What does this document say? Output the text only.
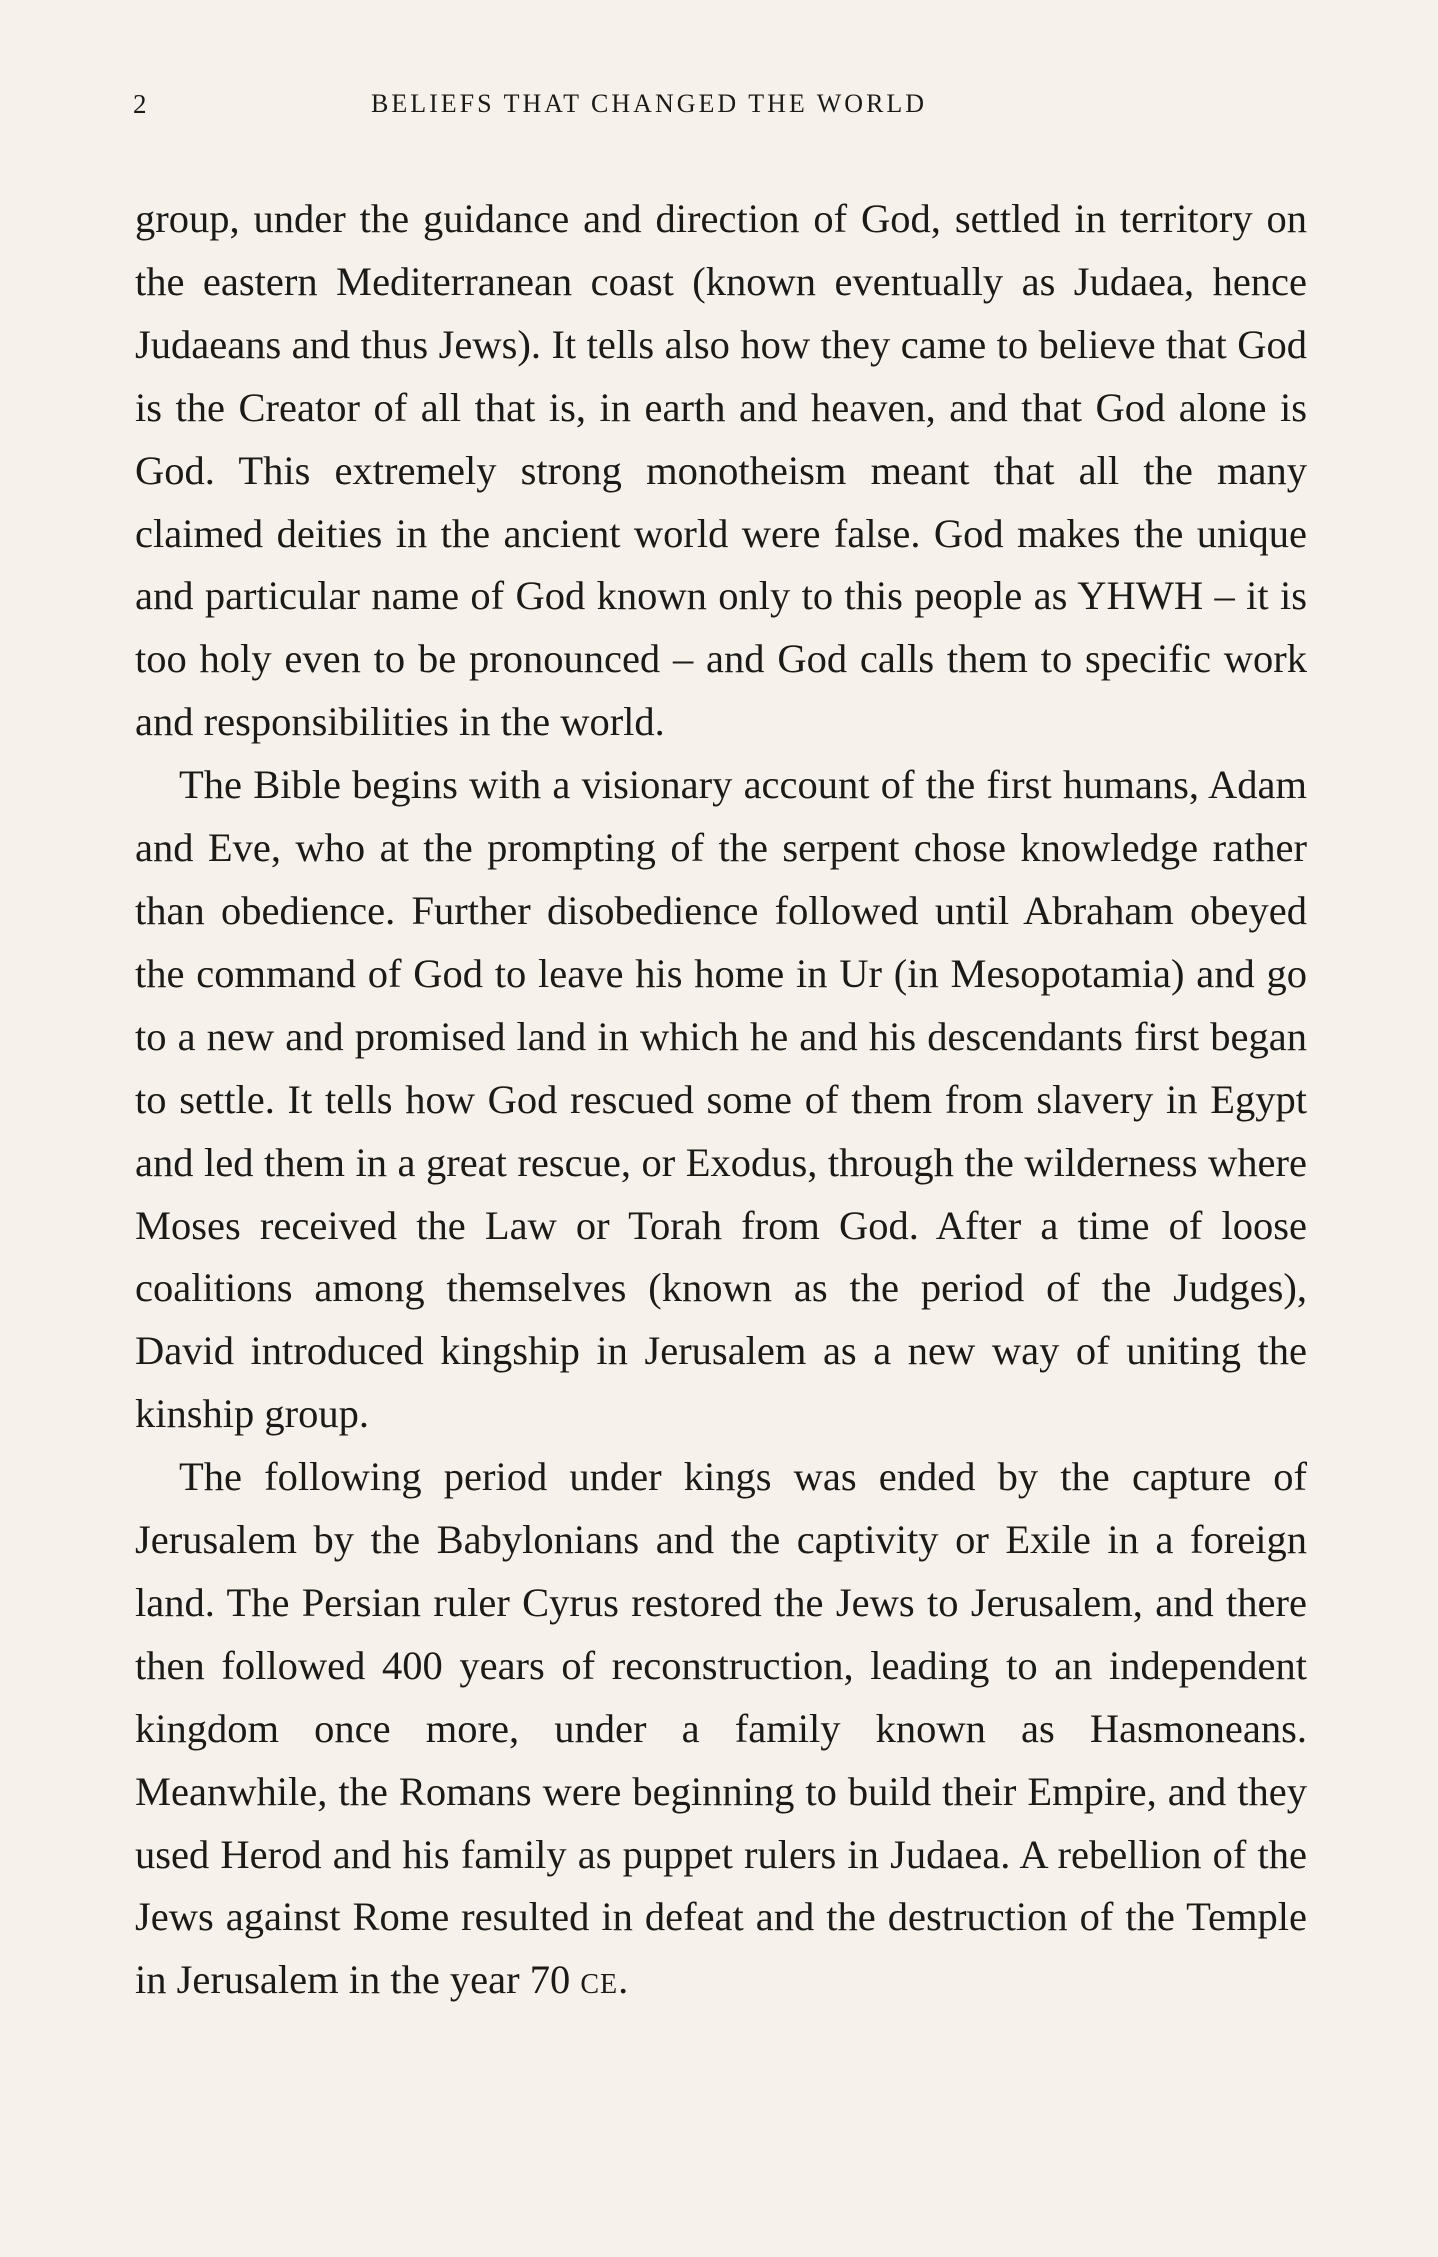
2	BELIEFS THAT CHANGED THE WORLD

group, under the guidance and direction of God, settled in territory on the eastern Mediterranean coast (known eventually as Judaea, hence Judaeans and thus Jews). It tells also how they came to believe that God is the Creator of all that is, in earth and heaven, and that God alone is God. This extremely strong monotheism meant that all the many claimed deities in the ancient world were false. God makes the unique and particular name of God known only to this people as YHWH – it is too holy even to be pronounced – and God calls them to specific work and responsibilities in the world.

The Bible begins with a visionary account of the first humans, Adam and Eve, who at the prompting of the serpent chose knowledge rather than obedience. Further disobedience followed until Abraham obeyed the command of God to leave his home in Ur (in Mesopotamia) and go to a new and promised land in which he and his descendants first began to settle. It tells how God rescued some of them from slavery in Egypt and led them in a great rescue, or Exodus, through the wilderness where Moses received the Law or Torah from God. After a time of loose coalitions among themselves (known as the period of the Judges), David introduced kingship in Jerusalem as a new way of uniting the kinship group.

The following period under kings was ended by the capture of Jerusalem by the Babylonians and the captivity or Exile in a foreign land. The Persian ruler Cyrus restored the Jews to Jerusalem, and there then followed 400 years of reconstruction, leading to an independent kingdom once more, under a family known as Hasmoneans. Meanwhile, the Romans were beginning to build their Empire, and they used Herod and his family as puppet rulers in Judaea. A rebellion of the Jews against Rome resulted in defeat and the destruction of the Temple in Jerusalem in the year 70 ce.
